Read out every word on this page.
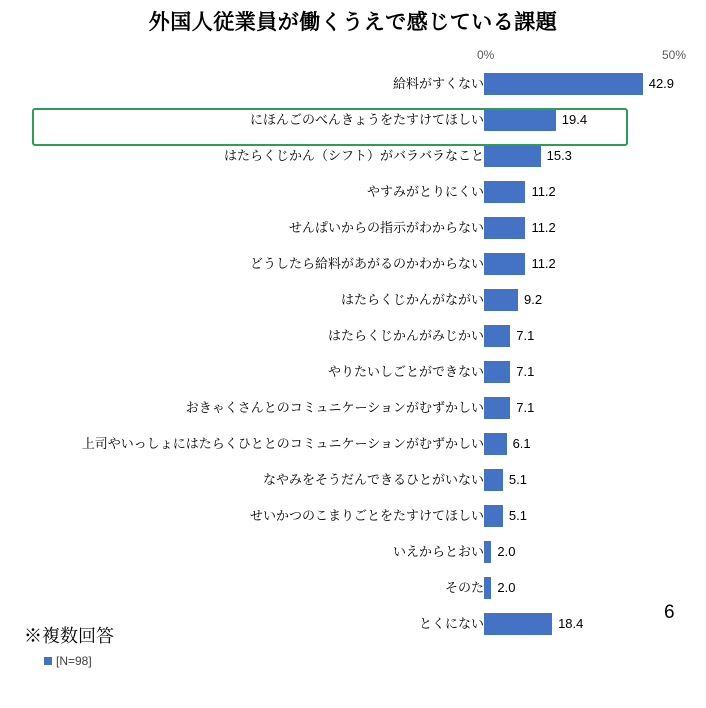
外国人従業員が働くうえで感じている課題
0%	50%
給料がすくない	42.9
にほんごのべんきょうをたすけてほしい	19.4
はたらくじかん（シフト）がバラバラなこと	15.3
やすみがとりにくい	11.2
せんぱいからの指示がわからない	11.2
どうしたら給料があがるのかわからない	11.2
はたらくじかんがながい	9.2
はたらくじかんがみじかい 7.1
やりたいしごとができない 7.1
おきゃくさんとのコミュニケーションがむずかしい 7.1
上司やいっしょにはたらくひととのコミュニケーションがむずかしい 6.1
なやみをそうだんできるひとがいない 5.1
せいかつのこまりごとをたすけてほしい 5.1
いえからとおい 2.0
そのた 2.0
とくにない	18.4
※複数回答
[N=98]
6
